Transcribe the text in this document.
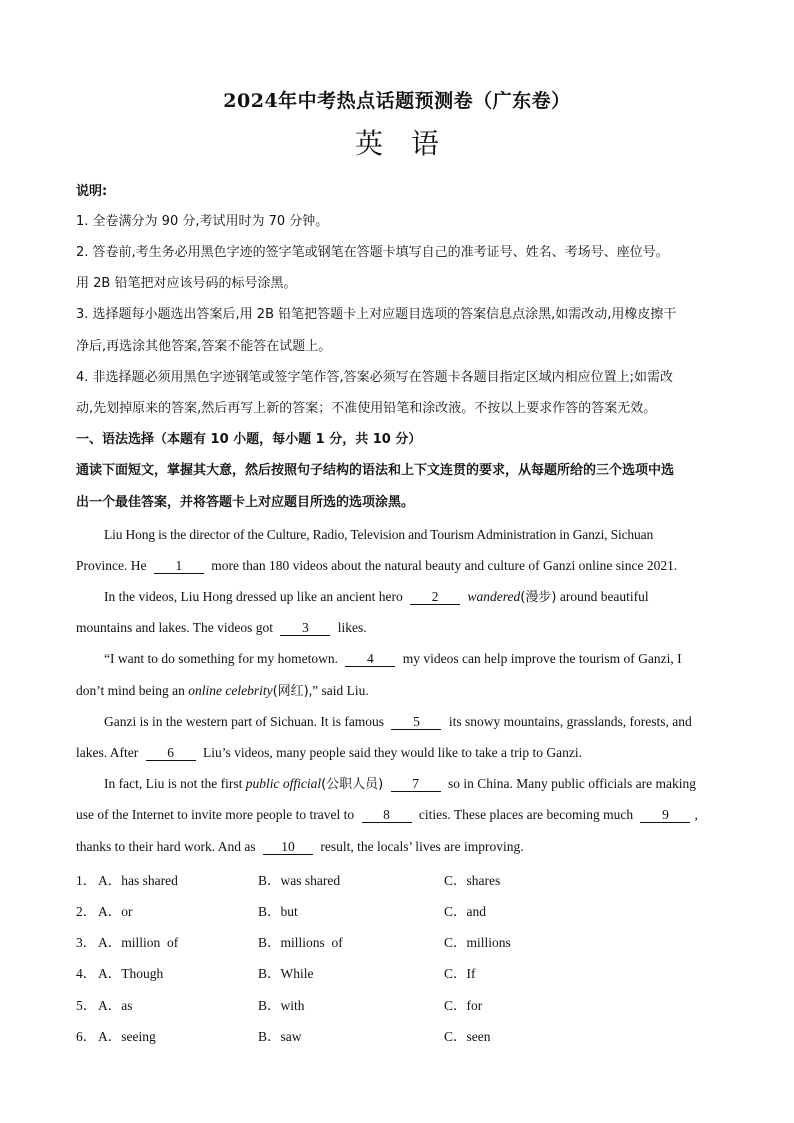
2024年中考热点话题预测卷（广东卷）
英语
说明:
1. 全卷满分为 90 分,考试用时为 70 分钟。
2. 答卷前,考生务必用黑色字迹的签字笔或钢笔在答题卡填写自己的准考证号、姓名、考场号、座位号。
用 2B 铅笔把对应该号码的标号涂黑。
3. 选择题每小题选出答案后,用 2B 铅笔把答题卡上对应题目选项的答案信息点涂黑,如需改动,用橡皮擦干
净后,再选涂其他答案,答案不能答在试题上。
4. 非选择题必须用黑色字迹钢笔或签字笔作答,答案必须写在答题卡各题目指定区域内相应位置上;如需改
动,先划掉原来的答案,然后再写上新的答案；不准使用铅笔和涂改液。不按以上要求作答的答案无效。
一、语法选择（本题有 10 小题，每小题 1 分，共 10 分）
通读下面短文，掌握其大意，然后按照句子结构的语法和上下文连贯的要求，从每题所给的三个选项中选
出一个最佳答案，并将答题卡上对应题目所选的选项涂黑。
Liu Hong is the director of the Culture, Radio, Television and Tourism Administration in Ganzi, Sichuan
Province. He 1 more than 180 videos about the natural beauty and culture of Ganzi online since 2021.
In the videos, Liu Hong dressed up like an ancient hero 2 wandered(漫步) around beautiful
mountains and lakes. The videos got 3 likes.
“I want to do something for my hometown. 4 my videos can help improve the tourism of Ganzi, I
don’t mind being an online celebrity(网红),” said Liu.
Ganzi is in the western part of Sichuan. It is famous 5 its snowy mountains, grasslands, forests, and
lakes. After 6 Liu’s videos, many people said they would like to take a trip to Ganzi.
In fact, Liu is not the first public official(公职人员) 7 so in China. Many public officials are making
use of the Internet to invite more people to travel to 8 cities. These places are becoming much 9 ,
thanks to their hard work. And as 10 result, the locals’ lives are improving.
1． A．has shared	B．was shared	C．shares
2． A．or	B．but	C．and
3． A．million  of	B．millions  of	C．millions
4． A．Though	B．While	C．If
5． A．as	B．with	C．for
6． A．seeing	B．saw	C．seen
